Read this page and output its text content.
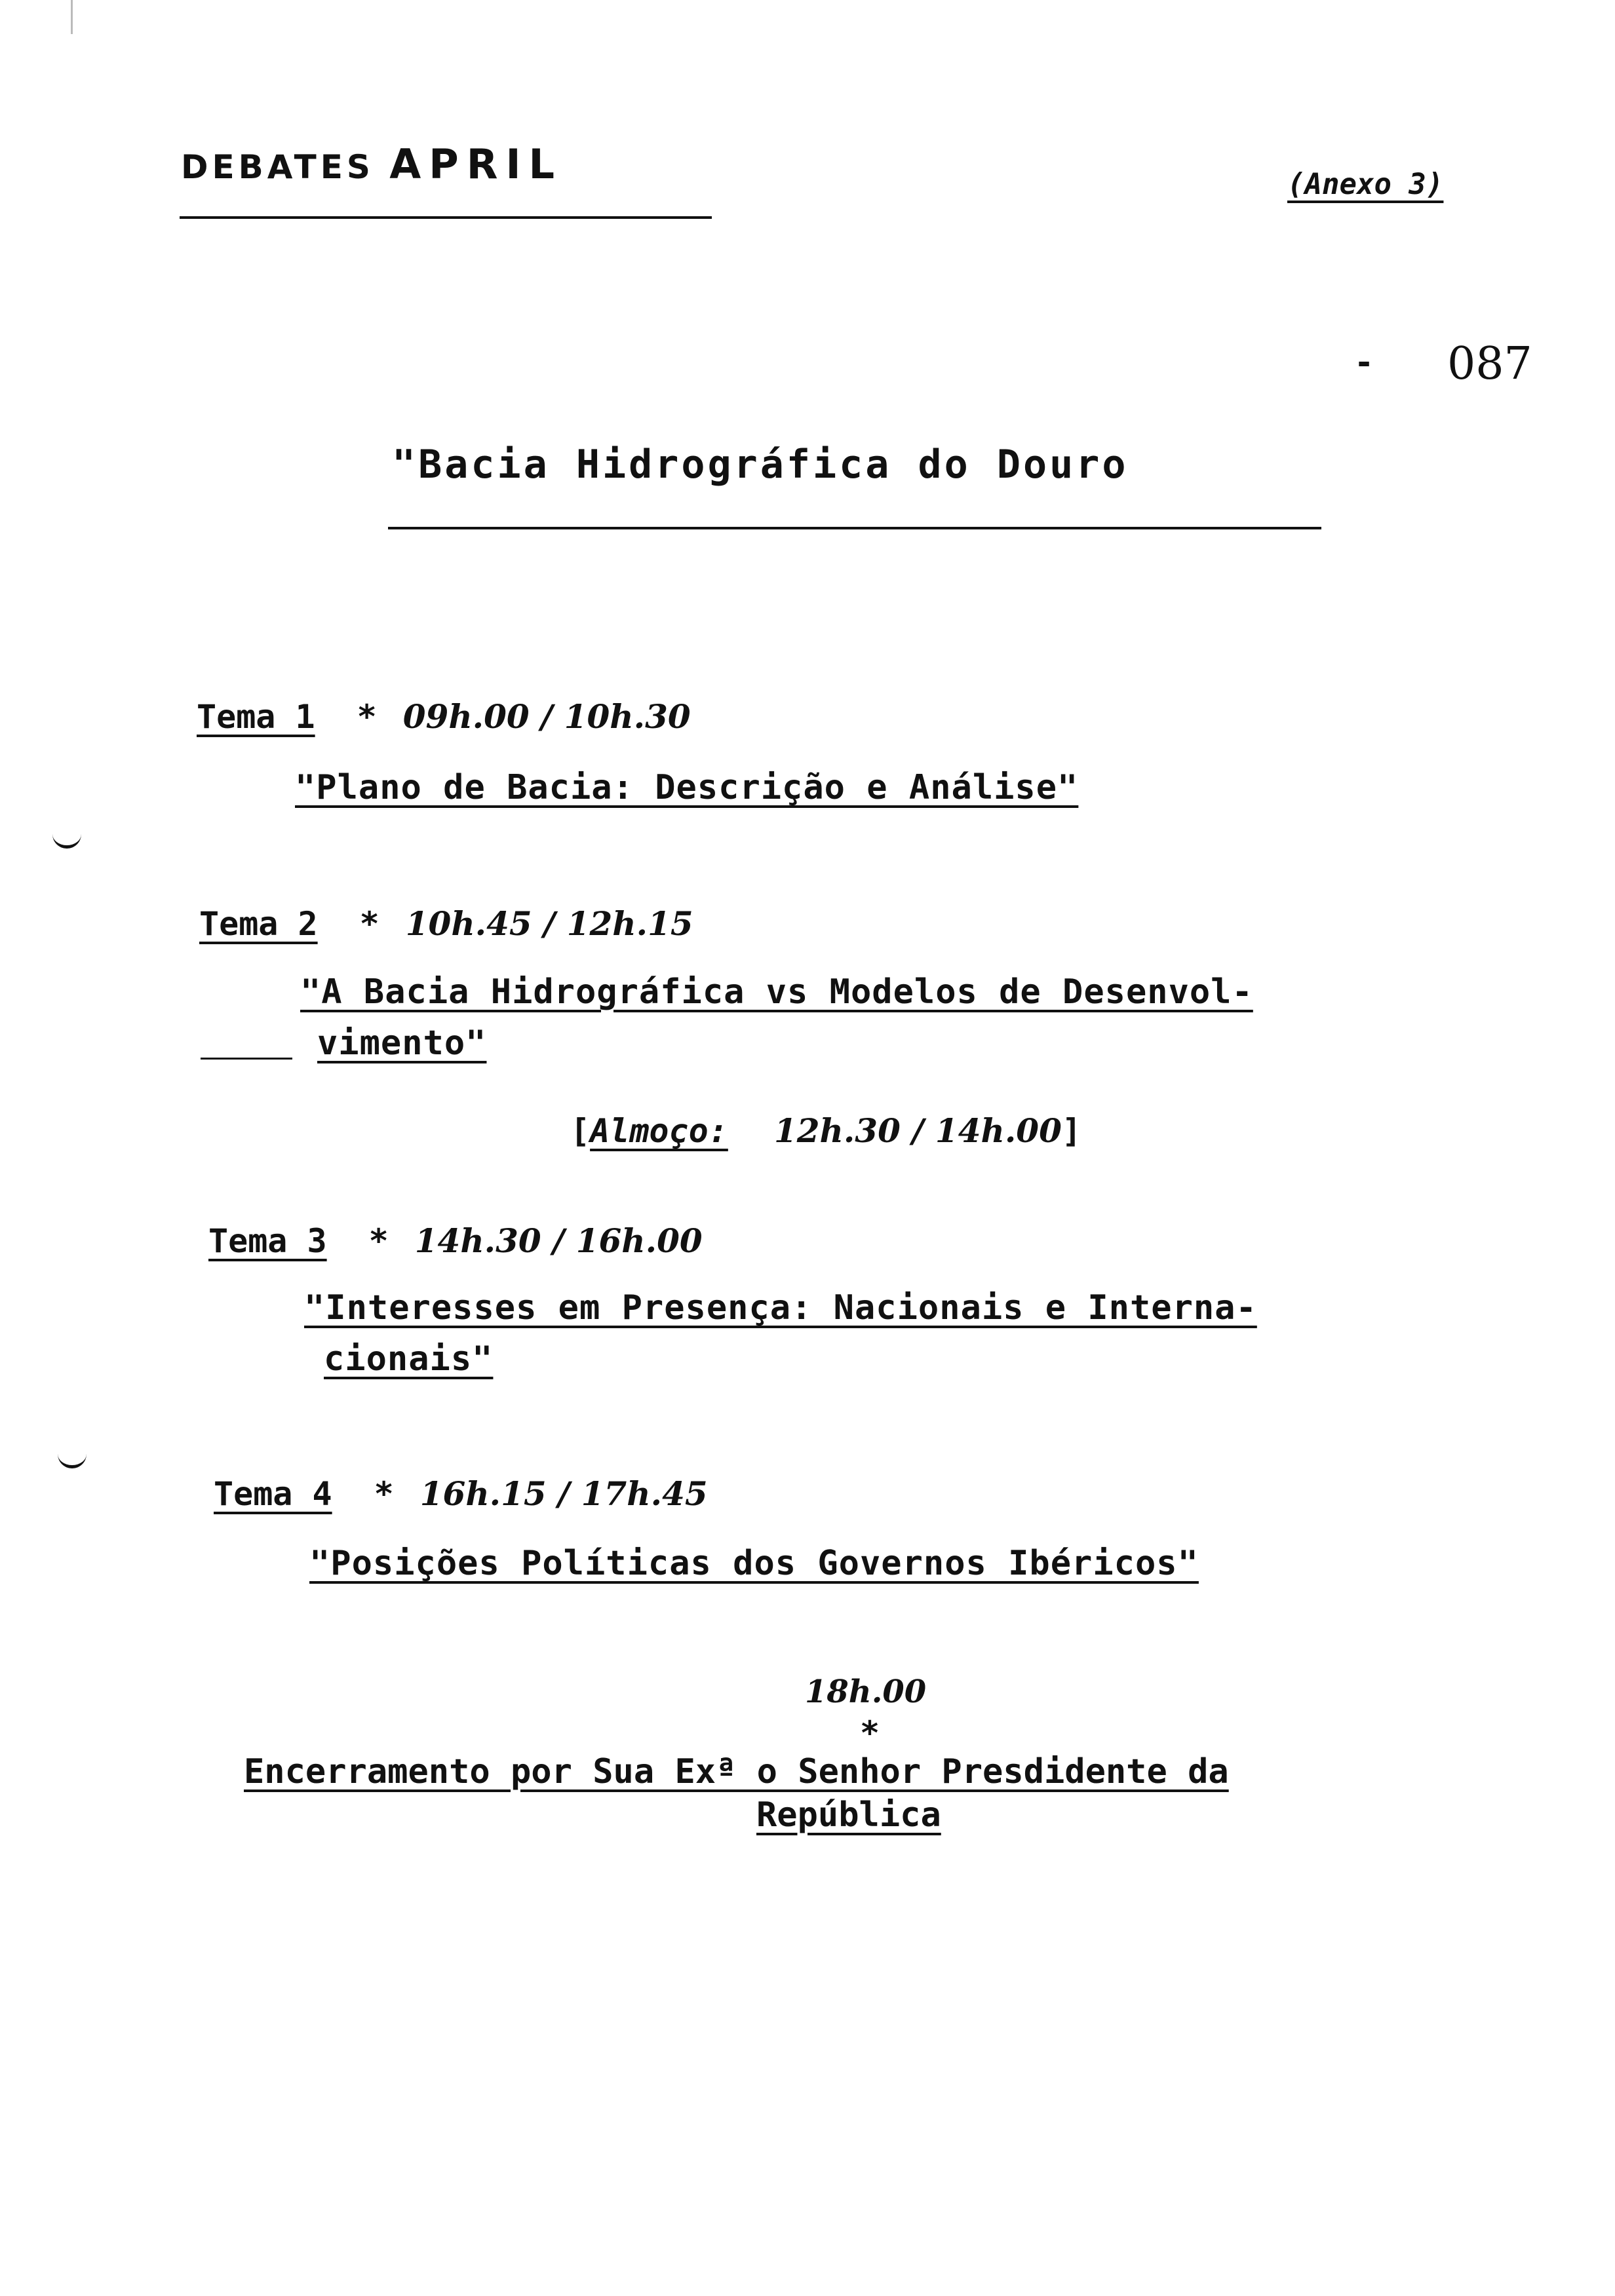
DEBATES APRIL	(Anexo 3)
- 087
"Bacia Hidrográfica do Douro
Tema 1 * 09h.00 / 10h.30
"Plano de Bacia: Descrição e Análise"
Tema 2 * 10h.45 / 12h.15
"A Bacia Hidrográfica vs Modelos de Desenvol-
vimento"
[Almoço: 12h.30 / 14h.00]
Tema 3 * 14h.30 / 16h.00
"Interesses em Presença: Nacionais e Interna-
cionais"
Tema 4 * 16h.15 / 17h.45
"Posições Políticas dos Governos Ibéricos"
18h.00
*
Encerramento por Sua Exª o Senhor Presdidente da
República
